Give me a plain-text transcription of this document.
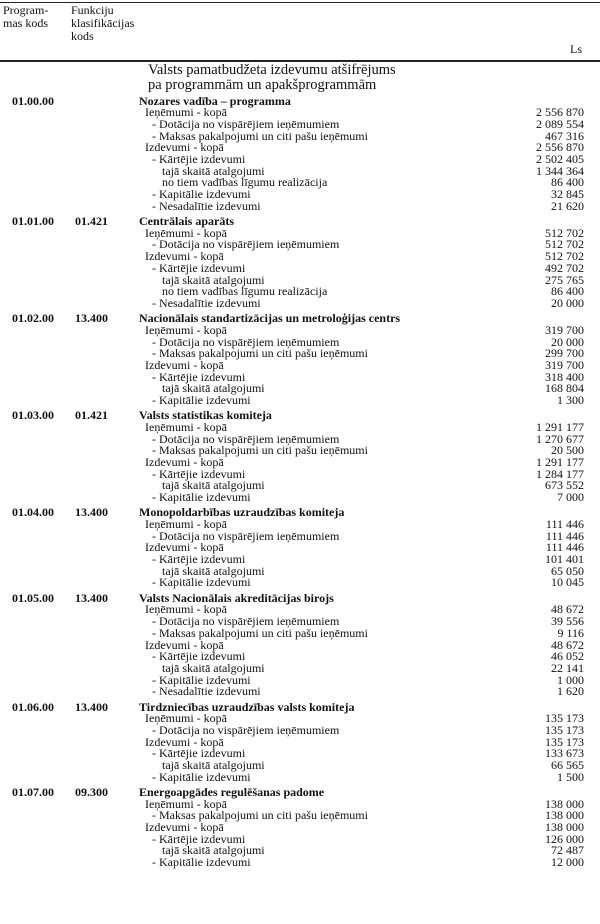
Program-
mas kods
Funkciju
klasifikācijas
kods
Ls
Valsts pamatbudžeta izdevumu atšifrējums
pa programmām un apakšprogrammām
01.00.00	Nozares vadība – programma
Ieņēmumi - kopā	2 556 870
- Dotācija no vispārējiem ieņēmumiem	2 089 554
- Maksas pakalpojumi un citi pašu ieņēmumi	467 316
Izdevumi - kopā	2 556 870
- Kārtējie izdevumi	2 502 405
tajā skaitā atalgojumi	1 344 364
no tiem vadības līgumu realizācija	86 400
- Kapitālie izdevumi	32 845
- Nesadalītie izdevumi	21 620
01.01.00 01.421	Centrālais aparāts
Ieņēmumi - kopā	512 702
- Dotācija no vispārējiem ieņēmumiem	512 702
Izdevumi - kopā	512 702
- Kārtējie izdevumi	492 702
tajā skaitā atalgojumi	275 765
no tiem vadības līgumu realizācija	86 400
- Nesadalītie izdevumi	20 000
01.02.00 13.400	Nacionālais standartizācijas un metroloģijas centrs
Ieņēmumi - kopā	319 700
- Dotācija no vispārējiem ieņēmumiem	20 000
- Maksas pakalpojumi un citi pašu ieņēmumi	299 700
Izdevumi - kopā	319 700
- Kārtējie izdevumi	318 400
tajā skaitā atalgojumi	168 804
- Kapitālie izdevumi	1 300
01.03.00 01.421	Valsts statistikas komiteja
Ieņēmumi - kopā	1 291 177
- Dotācija no vispārējiem ieņēmumiem	1 270 677
- Maksas pakalpojumi un citi pašu ieņēmumi	20 500
Izdevumi - kopā	1 291 177
- Kārtējie izdevumi	1 284 177
tajā skaitā atalgojumi	673 552
- Kapitālie izdevumi	7 000
01.04.00 13.400	Monopoldarbības uzraudzības komiteja
Ieņēmumi - kopā	111 446
- Dotācija no vispārējiem ieņēmumiem	111 446
Izdevumi - kopā	111 446
- Kārtējie izdevumi	101 401
tajā skaitā atalgojumi	65 050
- Kapitālie izdevumi	10 045
01.05.00 13.400	Valsts Nacionālais akreditācijas birojs
Ieņēmumi - kopā	48 672
- Dotācija no vispārējiem ieņēmumiem	39 556
- Maksas pakalpojumi un citi pašu ieņēmumi	9 116
Izdevumi - kopā	48 672
- Kārtējie izdevumi	46 052
tajā skaitā atalgojumi	22 141
- Kapitālie izdevumi	1 000
- Nesadalītie izdevumi	1 620
01.06.00 13.400	Tirdzniecības uzraudzības valsts komiteja
Ieņēmumi - kopā	135 173
- Dotācija no vispārējiem ieņēmumiem	135 173
Izdevumi - kopā	135 173
- Kārtējie izdevumi	133 673
tajā skaitā atalgojumi	66 565
- Kapitālie izdevumi	1 500
01.07.00 09.300	Energoapgādes regulēšanas padome
Ieņēmumi - kopā	138 000
- Maksas pakalpojumi un citi pašu ieņēmumi	138 000
Izdevumi - kopā	138 000
- Kārtējie izdevumi	126 000
tajā skaitā atalgojumi	72 487
- Kapitālie izdevumi	12 000
